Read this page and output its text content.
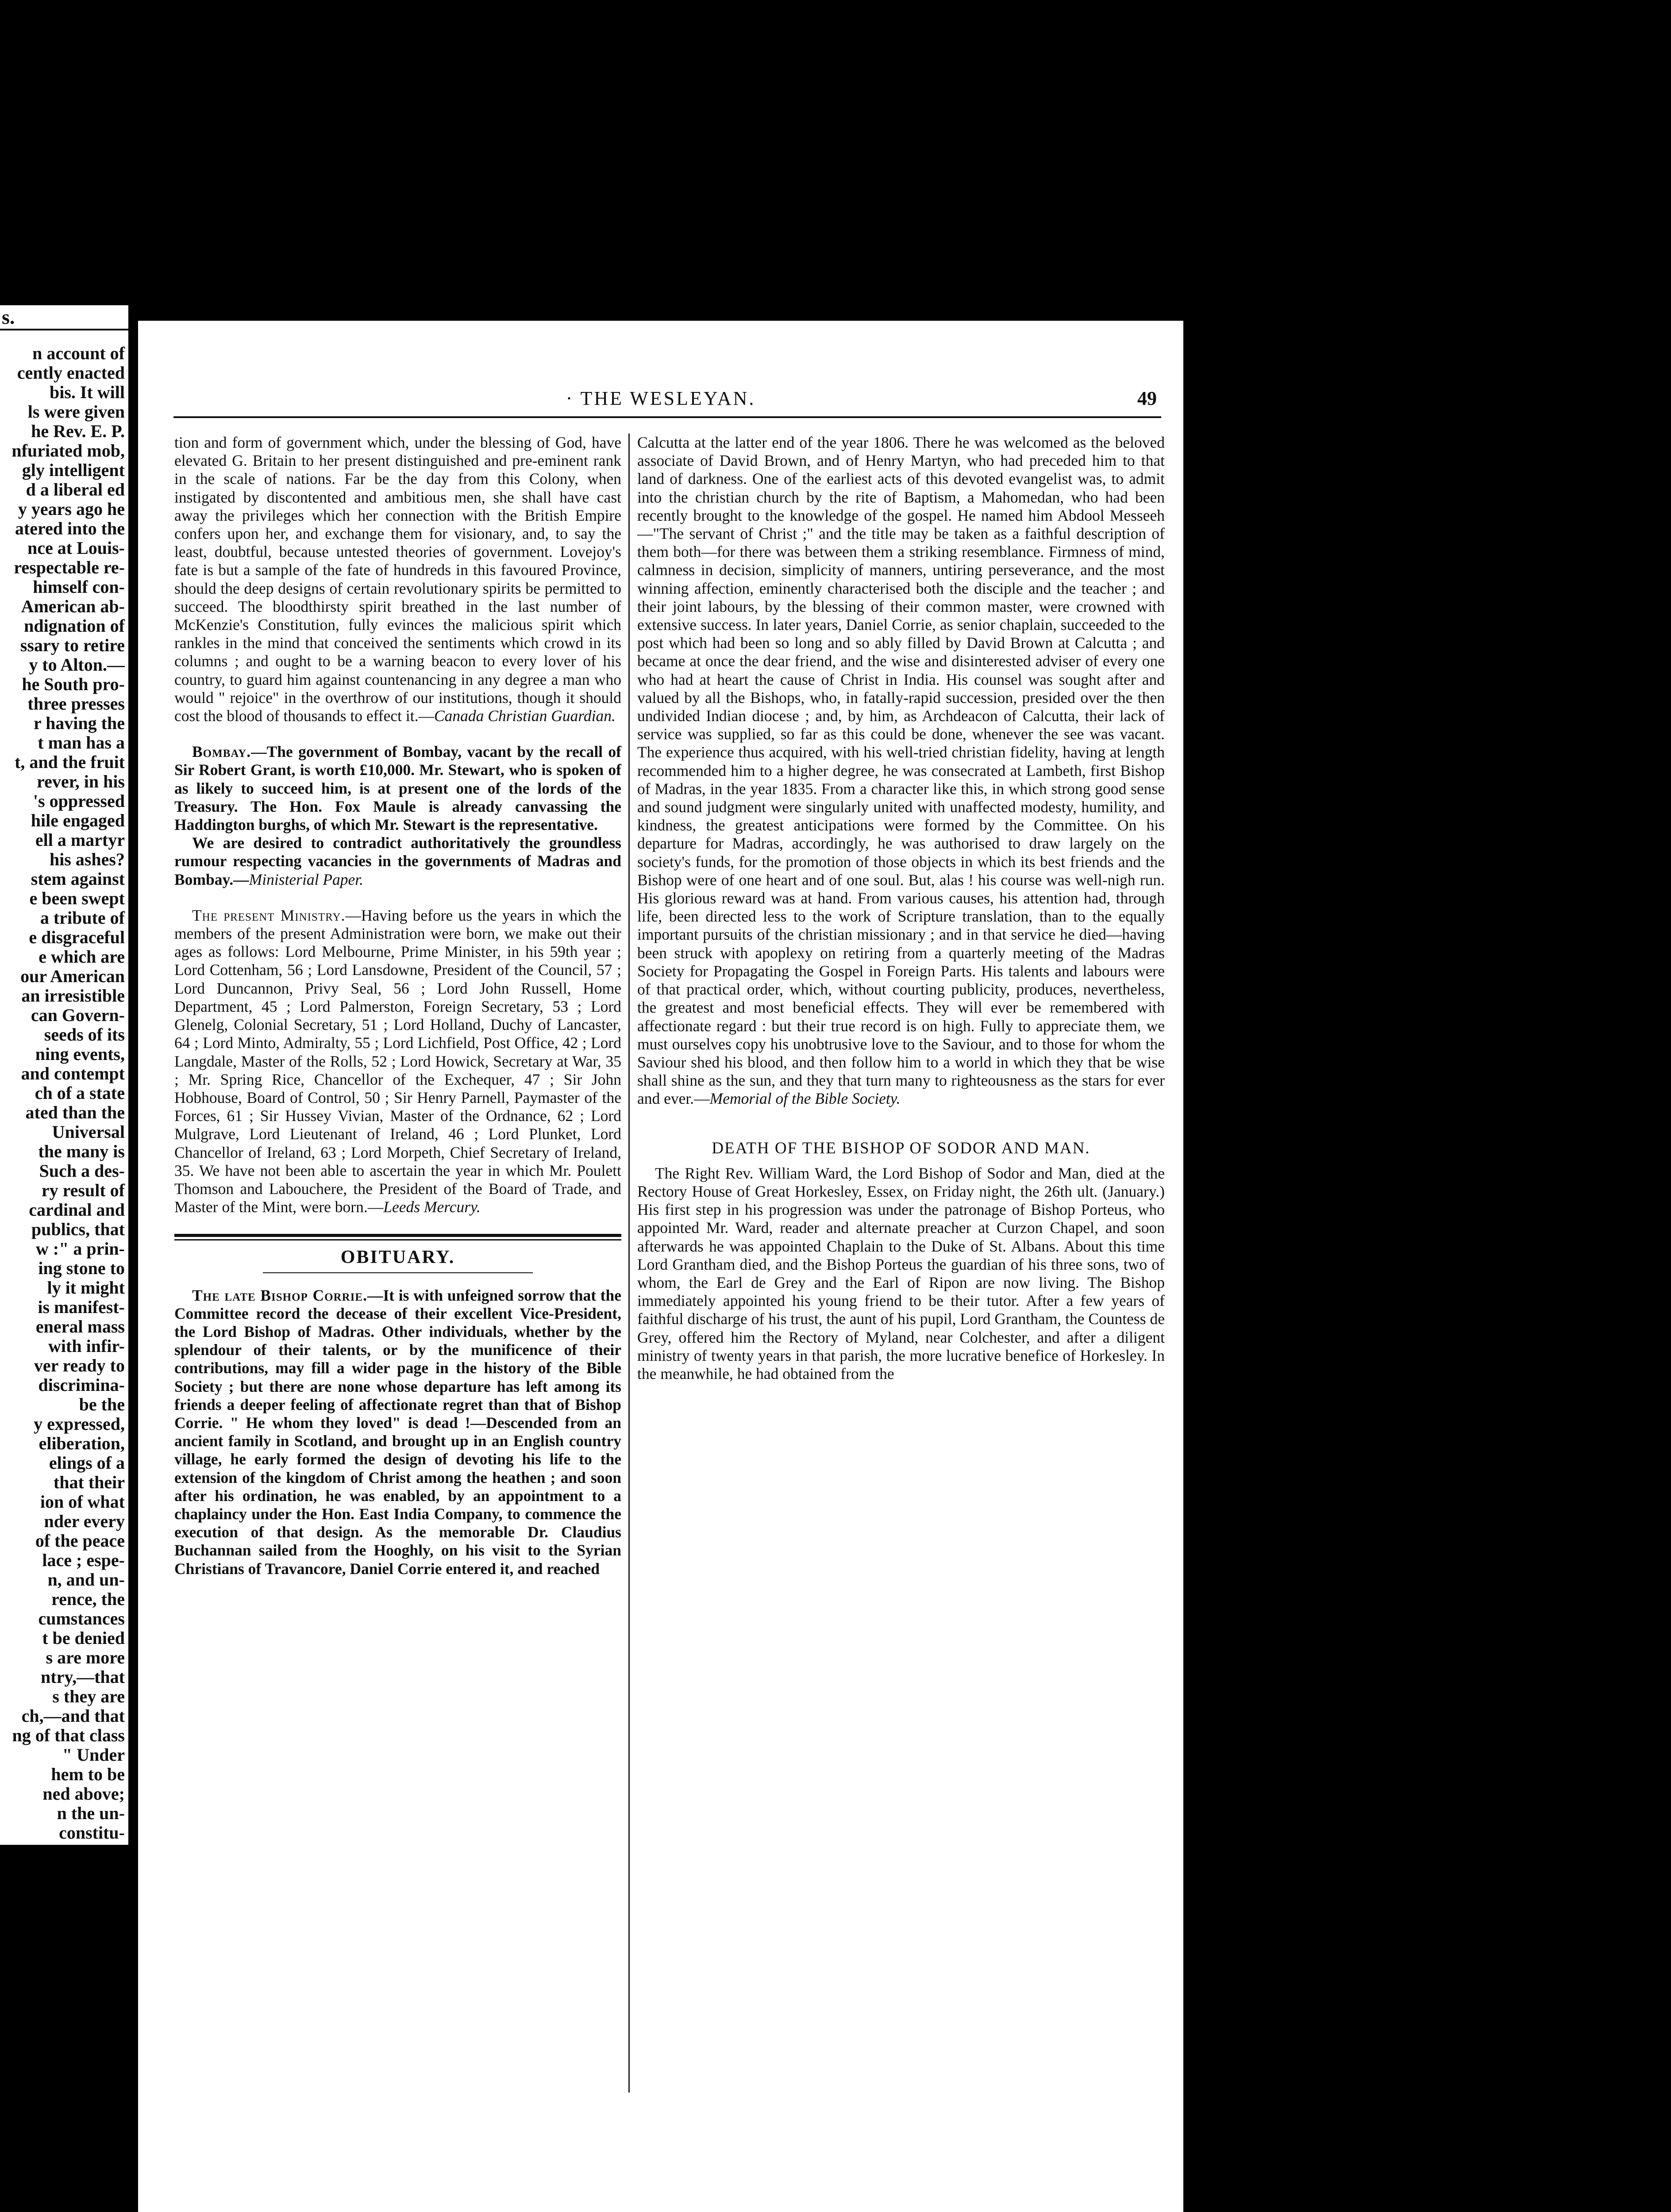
s.
n account of
cently enacted
bis. It will
ls were given
he Rev. E. P.
nfuriated mob,
gly intelligent
d a liberal ed
y years ago he
atered into the
nce at Louis-
respectable re-
himself con-
American ab-
ndignation of
ssary to retire
y to Alton.—
he South pro-
three presses
r having the
t man has a
t, and the fruit
rever, in his
's oppressed
hile engaged
ell a martyr
his ashes?
stem against
e been swept
a tribute of
e disgraceful
e which are
our American
an irresistible
can Govern-
seeds of its
ning events,
and contempt
ch of a state
ated than the
Universal
the many is
Such a des-
ry result of
cardinal and
publics, that
w :" a prin-
ing stone to
ly it might
is manifest-
eneral mass
with infir-
ver ready to
discrimina-
be the
y expressed,
eliberation,
elings of a
that their
ion of what
nder every
of the peace
lace ; espe-
n, and un-
rence, the
cumstances
t be denied
s are more
ntry,—that
s they are
ch,—and that
ng of that class
" Under
hem to be
ned above;
n the un-
constitu-
· THE WESLEYAN.	49

tion and form of government which, under the blessing of God, have elevated G. Britain to her present distinguished and pre-eminent rank in the scale of nations. Far be the day from this Colony, when instigated by discontented and ambitious men, she shall have cast away the privileges which her connection with the British Empire confers upon her, and exchange them for visionary, and, to say the least, doubtful, because untested theories of government. Lovejoy's fate is but a sample of the fate of hundreds in this favoured Province, should the deep designs of certain revolutionary spirits be permitted to succeed. The bloodthirsty spirit breathed in the last number of McKenzie's Constitution, fully evinces the malicious spirit which rankles in the mind that conceived the sentiments which crowd in its columns ; and ought to be a warning beacon to every lover of his country, to guard him against countenancing in any degree a man who would " rejoice" in the overthrow of our institutions, though it should cost the blood of thousands to effect it.—Canada Christian Guardian.

Bombay.—The government of Bombay, vacant by the recall of Sir Robert Grant, is worth £10,000. Mr. Stewart, who is spoken of as likely to succeed him, is at present one of the lords of the Treasury. The Hon. Fox Maule is already canvassing the Haddington burghs, of which Mr. Stewart is the representative.

We are desired to contradict authoritatively the groundless rumour respecting vacancies in the governments of Madras and Bombay.—Ministerial Paper.

The present Ministry.—Having before us the years in which the members of the present Administration were born, we make out their ages as follows: Lord Melbourne, Prime Minister, in his 59th year ; Lord Cottenham, 56 ; Lord Lansdowne, President of the Council, 57 ; Lord Duncannon, Privy Seal, 56 ; Lord John Russell, Home Department, 45 ; Lord Palmerston, Foreign Secretary, 53 ; Lord Glenelg, Colonial Secretary, 51 ; Lord Holland, Duchy of Lancaster, 64 ; Lord Minto, Admiralty, 55 ; Lord Lichfield, Post Office, 42 ; Lord Langdale, Master of the Rolls, 52 ; Lord Howick, Secretary at War, 35 ; Mr. Spring Rice, Chancellor of the Exchequer, 47 ; Sir John Hobhouse, Board of Control, 50 ; Sir Henry Parnell, Paymaster of the Forces, 61 ; Sir Hussey Vivian, Master of the Ordnance, 62 ; Lord Mulgrave, Lord Lieutenant of Ireland, 46 ; Lord Plunket, Lord Chancellor of Ireland, 63 ; Lord Morpeth, Chief Secretary of Ireland, 35. We have not been able to ascertain the year in which Mr. Poulett Thomson and Labouchere, the President of the Board of Trade, and Master of the Mint, were born.—Leeds Mercury.

OBITUARY.

The late Bishop Corrie.—It is with unfeigned sorrow that the Committee record the decease of their excellent Vice-President, the Lord Bishop of Madras. Other individuals, whether by the splendour of their talents, or by the munificence of their contributions, may fill a wider page in the history of the Bible Society ; but there are none whose departure has left among its friends a deeper feeling of affectionate regret than that of Bishop Corrie. " He whom they loved" is dead !—Descended from an ancient family in Scotland, and brought up in an English country village, he early formed the design of devoting his life to the extension of the kingdom of Christ among the heathen ; and soon after his ordination, he was enabled, by an appointment to a chaplaincy under the Hon. East India Company, to commence the execution of that design. As the memorable Dr. Claudius Buchannan sailed from the Hooghly, on his visit to the Syrian Christians of Travancore, Daniel Corrie entered it, and reached

Calcutta at the latter end of the year 1806. There he was welcomed as the beloved associate of David Brown, and of Henry Martyn, who had preceded him to that land of darkness. One of the earliest acts of this devoted evangelist was, to admit into the christian church by the rite of Baptism, a Mahomedan, who had been recently brought to the knowledge of the gospel. He named him Abdool Messeeh —"The servant of Christ ;" and the title may be taken as a faithful description of them both—for there was between them a striking resemblance. Firmness of mind, calmness in decision, simplicity of manners, untiring perseverance, and the most winning affection, eminently characterised both the disciple and the teacher ; and their joint labours, by the blessing of their common master, were crowned with extensive success. In later years, Daniel Corrie, as senior chaplain, succeeded to the post which had been so long and so ably filled by David Brown at Calcutta ; and became at once the dear friend, and the wise and disinterested adviser of every one who had at heart the cause of Christ in India. His counsel was sought after and valued by all the Bishops, who, in fatally-rapid succession, presided over the then undivided Indian diocese ; and, by him, as Archdeacon of Calcutta, their lack of service was supplied, so far as this could be done, whenever the see was vacant. The experience thus acquired, with his well-tried christian fidelity, having at length recommended him to a higher degree, he was consecrated at Lambeth, first Bishop of Madras, in the year 1835. From a character like this, in which strong good sense and sound judgment were singularly united with unaffected modesty, humility, and kindness, the greatest anticipations were formed by the Committee. On his departure for Madras, accordingly, he was authorised to draw largely on the society's funds, for the promotion of those objects in which its best friends and the Bishop were of one heart and of one soul. But, alas ! his course was well-nigh run. His glorious reward was at hand. From various causes, his attention had, through life, been directed less to the work of Scripture translation, than to the equally important pursuits of the christian missionary ; and in that service he died—having been struck with apoplexy on retiring from a quarterly meeting of the Madras Society for Propagating the Gospel in Foreign Parts. His talents and labours were of that practical order, which, without courting publicity, produces, nevertheless, the greatest and most beneficial effects. They will ever be remembered with affectionate regard : but their true record is on high. Fully to appreciate them, we must ourselves copy his unobtrusive love to the Saviour, and to those for whom the Saviour shed his blood, and then follow him to a world in which they that be wise shall shine as the sun, and they that turn many to righteousness as the stars for ever and ever.—Memorial of the Bible Society.

DEATH OF THE BISHOP OF SODOR AND MAN.

The Right Rev. William Ward, the Lord Bishop of Sodor and Man, died at the Rectory House of Great Horkesley, Essex, on Friday night, the 26th ult. (January.) His first step in his progression was under the patronage of Bishop Porteus, who appointed Mr. Ward, reader and alternate preacher at Curzon Chapel, and soon afterwards he was appointed Chaplain to the Duke of St. Albans. About this time Lord Grantham died, and the Bishop Porteus the guardian of his three sons, two of whom, the Earl de Grey and the Earl of Ripon are now living. The Bishop immediately appointed his young friend to be their tutor. After a few years of faithful discharge of his trust, the aunt of his pupil, Lord Grantham, the Countess de Grey, offered him the Rectory of Myland, near Colchester, and after a diligent ministry of twenty years in that parish, the more lucrative benefice of Horkesley. In the meanwhile, he had obtained from the
